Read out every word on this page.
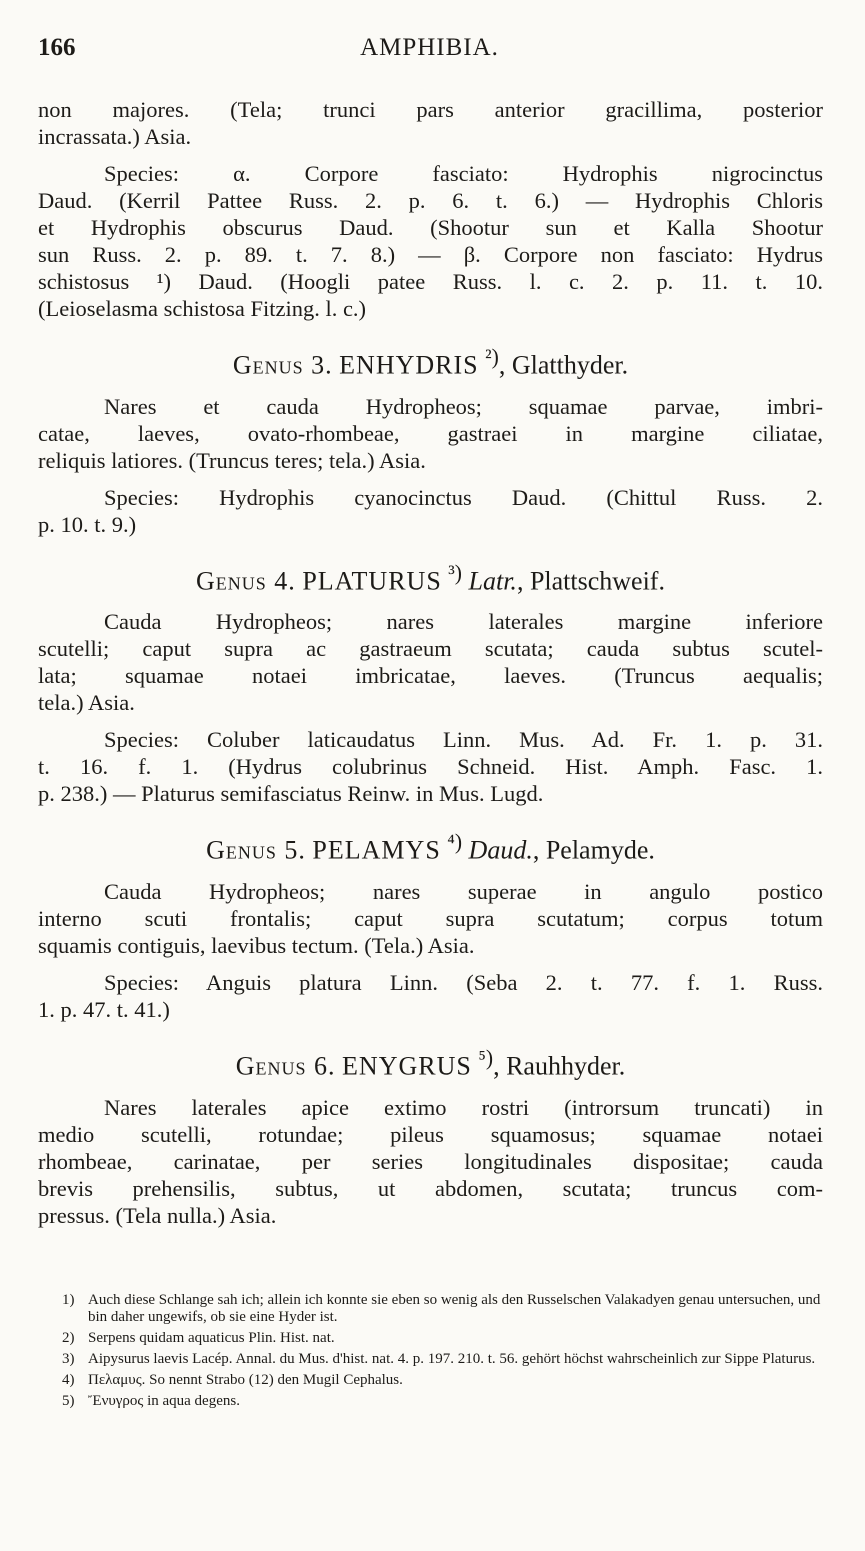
166	AMPHIBIA.

non majores. (Tela; trunci pars anterior gracillima, posterior
incrassata.) Asia.

Species: α. Corpore fasciato: Hydrophis nigrocinctus
Daud. (Kerril Pattee Russ. 2. p. 6. t. 6.) — Hydrophis Chloris
et Hydrophis obscurus Daud. (Shootur sun et Kalla Shootur
sun Russ. 2. p. 89. t. 7. 8.) — β. Corpore non fasciato: Hydrus
schistosus ¹) Daud. (Hoogli patee Russ. l. c. 2. p. 11. t. 10.
(Leioselasma schistosa Fitzing. l. c.)

Genus 3. ENHYDRIS $^{^2)}$, Glatthyder.

Nares et cauda Hydropheos; squamae parvae, imbri-
catae, laeves, ovato-rhombeae, gastraei in margine ciliatae,
reliquis latiores. (Truncus teres; tela.) Asia.

Species: Hydrophis cyanocinctus Daud. (Chittul Russ. 2.
p. 10. t. 9.)

Genus 4. PLATURUS $^{^3)}$ Latr., Plattschweif.

Cauda Hydropheos; nares laterales margine inferiore
scutelli; caput supra ac gastraeum scutata; cauda subtus scutel-
lata; squamae notaei imbricatae, laeves. (Truncus aequalis;
tela.) Asia.

Species: Coluber laticaudatus Linn. Mus. Ad. Fr. 1. p. 31.
t. 16. f. 1. (Hydrus colubrinus Schneid. Hist. Amph. Fasc. 1.
p. 238.) — Platurus semifasciatus Reinw. in Mus. Lugd.

Genus 5. PELAMYS $^{^4)}$ Daud., Pelamyde.

Cauda Hydropheos; nares superae in angulo postico
interno scuti frontalis; caput supra scutatum; corpus totum
squamis contiguis, laevibus tectum. (Tela.) Asia.

Species: Anguis platura Linn. (Seba 2. t. 77. f. 1. Russ.
1. p. 47. t. 41.)

Genus 6. ENYGRUS $^{^5)}$, Rauhhyder.

Nares laterales apice extimo rostri (introrsum truncati) in
medio scutelli, rotundae; pileus squamosus; squamae notaei
rhombeae, carinatae, per series longitudinales dispositae; cauda
brevis prehensilis, subtus, ut abdomen, scutata; truncus com-
pressus. (Tela nulla.) Asia.

1) Auch diese Schlange sah ich; allein ich konnte sie eben so wenig als den Russelschen Valakadyen genau untersuchen, und bin daher ungewifs, ob sie eine Hyder ist.
2) Serpens quidam aquaticus Plin. Hist. nat.
3) Aipysurus laevis Lacép. Annal. du Mus. d'hist. nat. 4. p. 197. 210. t. 56. gehört höchst wahrscheinlich zur Sippe Platurus.
4) Πελαμυς. So nennt Strabo (12) den Mugil Cephalus.
5) Ἔνυγρος in aqua degens.
